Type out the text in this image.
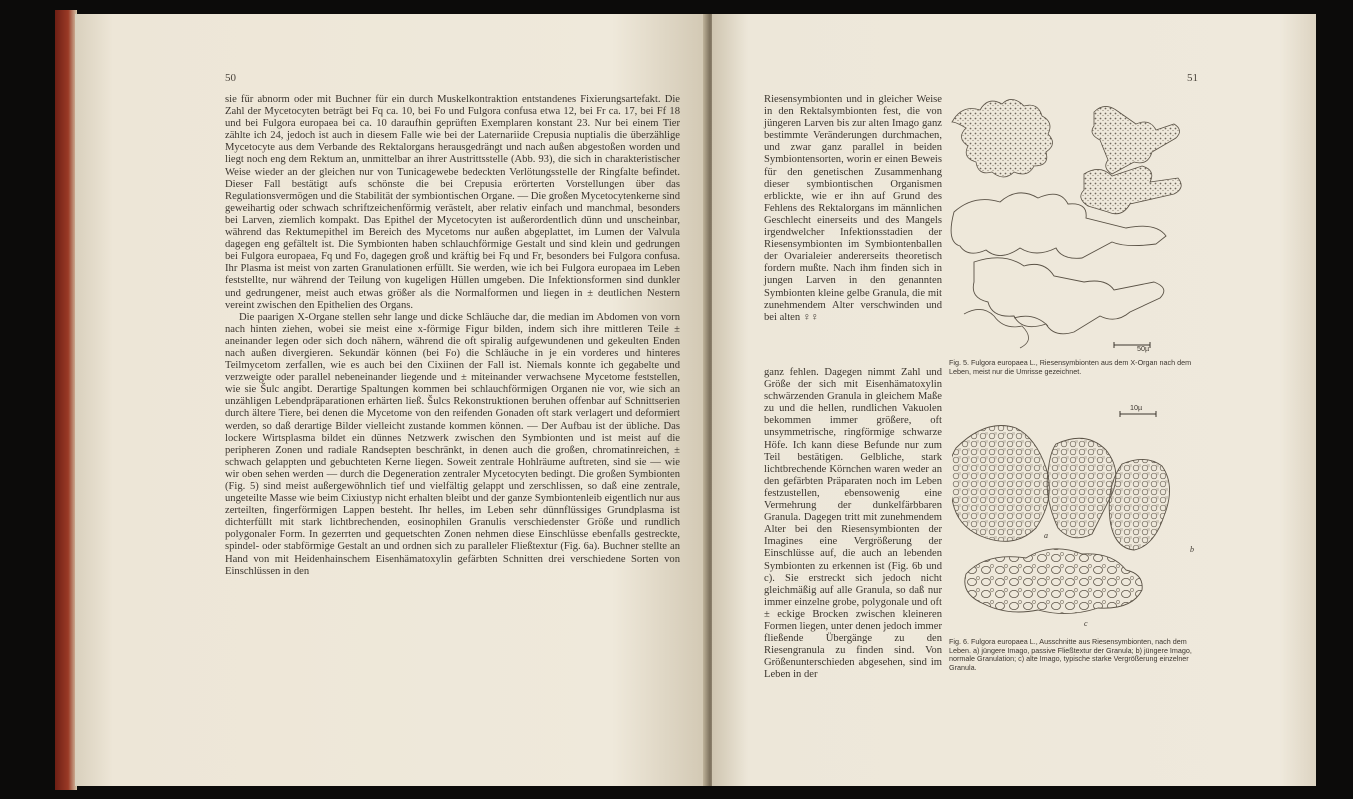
50

sie für abnorm oder mit Buchner für ein durch Muskelkontraktion entstandenes Fixierungsartefakt. Die Zahl der Mycetocyten beträgt bei Fq ca. 10, bei Fo und Fulgora confusa etwa 12, bei Fr ca. 17, bei Ff 18 und bei Fulgora europaea bei ca. 10 daraufhin geprüften Exemplaren konstant 23. Nur bei einem Tier zählte ich 24, jedoch ist auch in diesem Falle wie bei der Laternariide Crepusia nuptialis die überzählige Mycetocyte aus dem Verbande des Rektalorgans herausgedrängt und nach außen abgestoßen worden und liegt noch eng dem Rektum an, unmittelbar an ihrer Austrittsstelle (Abb. 93), die sich in charakteristischer Weise wieder an der gleichen nur von Tunicagewebe bedeckten Verlötungsstelle der Ringfalte befindet. Dieser Fall bestätigt aufs schönste die bei Crepusia erörterten Vorstellungen über das Regulationsvermögen und die Stabilität der symbiontischen Organe. — Die großen Mycetocytenkerne sind geweihartig oder schwach schriftzeichenförmig verästelt, aber relativ einfach und manchmal, besonders bei Larven, ziemlich kompakt. Das Epithel der Mycetocyten ist außerordentlich dünn und unscheinbar, während das Rektumepithel im Bereich des Mycetoms nur außen abgeplattet, im Lumen der Valvula dagegen eng gefältelt ist. Die Symbionten haben schlauchförmige Gestalt und sind klein und gedrungen bei Fulgora europaea, Fq und Fo, dagegen groß und kräftig bei Fq und Fr, besonders bei Fulgora confusa. Ihr Plasma ist meist von zarten Granulationen erfüllt. Sie werden, wie ich bei Fulgora europaea im Leben feststellte, nur während der Teilung von kugeligen Hüllen umgeben. Die Infektionsformen sind dunkler und gedrungener, meist auch etwas größer als die Normalformen und liegen in ± deutlichen Nestern vereint zwischen den Epithelien des Organs.

Die paarigen X-Organe stellen sehr lange und dicke Schläuche dar, die median im Abdomen von vorn nach hinten ziehen, wobei sie meist eine x-förmige Figur bilden, indem sich ihre mittleren Teile ± aneinander legen oder sich doch nähern, während die oft spiralig aufgewundenen und gekeulten Enden nach außen divergieren. Sekundär können (bei Fo) die Schläuche in je ein vorderes und hinteres Teilmycetom zerfallen, wie es auch bei den Cixiinen der Fall ist. Niemals konnte ich gegabelte und verzweigte oder parallel nebeneinander liegende und ± miteinander verwachsene Mycetome feststellen, wie sie Šulc angibt. Derartige Spaltungen kommen bei schlauchförmigen Organen nie vor, wie sich an unzähligen Lebendpräparationen erhärten ließ. Šulcs Rekonstruktionen beruhen offenbar auf Schnittserien durch ältere Tiere, bei denen die Mycetome von den reifenden Gonaden oft stark verlagert und deformiert werden, so daß derartige Bilder vielleicht zustande kommen können. — Der Aufbau ist der übliche. Das lockere Wirtsplasma bildet ein dünnes Netzwerk zwischen den Symbionten und ist meist auf die peripheren Zonen und radiale Randsepten beschränkt, in denen auch die großen, chromatinreichen, ± schwach gelappten und gebuchteten Kerne liegen. Soweit zentrale Hohlräume auftreten, sind sie — wie wir oben sehen werden — durch die Degeneration zentraler Mycetocyten bedingt. Die großen Symbionten (Fig. 5) sind meist außergewöhnlich tief und vielfältig gelappt und zerschlissen, so daß eine zentrale, ungeteilte Masse wie beim Cixiustyp nicht erhalten bleibt und der ganze Symbiontenleib eigentlich nur aus zerteilten, fingerförmigen Lappen besteht. Ihr helles, im Leben sehr dünnflüssiges Grundplasma ist dichterfüllt mit stark lichtbrechenden, eosinophilen Granulis verschiedenster Größe und rundlich polygonaler Form. In gezerrten und gequetschten Zonen nehmen diese Einschlüsse ebenfalls gestreckte, spindel- oder stabförmige Gestalt an und ordnen sich zu paralleler Fließtextur (Fig. 6a). Buchner stellte an Hand von mit Heidenhainschem Eisenhämatoxylin gefärbten Schnitten drei verschiedene Sorten von Einschlüssen in den

51

Riesensymbionten und in gleicher Weise in den Rektalsymbionten fest, die von jüngeren Larven bis zur alten Imago ganz bestimmte Veränderungen durchmachen, und zwar ganz parallel in beiden Symbiontensorten, worin er einen Beweis für den genetischen Zusammenhang dieser symbiontischen Organismen erblickte, wie er ihn auf Grund des Fehlens des Rektalorgans im männlichen Geschlecht einerseits und des Mangels irgendwelcher Infektionsstadien der Riesensymbionten im Symbiontenballen der Ovarialeier andererseits theoretisch fordern mußte. Nach ihm finden sich in jungen Larven in den genannten Symbionten kleine gelbe Granula, die mit zunehmendem Alter verschwinden und bei alten ♀♀

ganz fehlen. Dagegen nimmt Zahl und Größe der sich mit Eisenhämatoxylin schwärzenden Granula in gleichem Maße zu und die hellen, rundlichen Vakuolen bekommen immer größere, oft unsymmetrische, ringförmige schwarze Höfe. Ich kann diese Befunde nur zum Teil bestätigen. Gelbliche, stark lichtbrechende Körnchen waren weder an den gefärbten Präparaten noch im Leben festzustellen, ebensowenig eine Vermehrung der dunkelfärbbaren Granula. Dagegen tritt mit zunehmendem Alter bei den Riesensymbionten der Imagines eine Vergrößerung der Einschlüsse auf, die auch an lebenden Symbionten zu erkennen ist (Fig. 6b und c). Sie erstreckt sich jedoch nicht gleichmäßig auf alle Granula, so daß nur immer einzelne grobe, polygonale und oft ± eckige Brocken zwischen kleineren Formen liegen, unter denen jedoch immer fließende Übergänge zu den Riesengranula zu finden sind. Von Größenunterschieden abgesehen, sind im Leben in der

50µ
Fig. 5. Fulgora europaea L., Riesensymbionten aus dem X-Organ nach dem Leben, meist nur die Umrisse gezeichnet.
a
b
c
10µ
Fig. 6. Fulgora europaea L., Ausschnitte aus Riesensymbionten, nach dem Leben. a) jüngere Imago, passive Fließtextur der Granula; b) jüngere Imago, normale Granulation; c) alte Imago, typische starke Vergrößerung einzelner Granula.
